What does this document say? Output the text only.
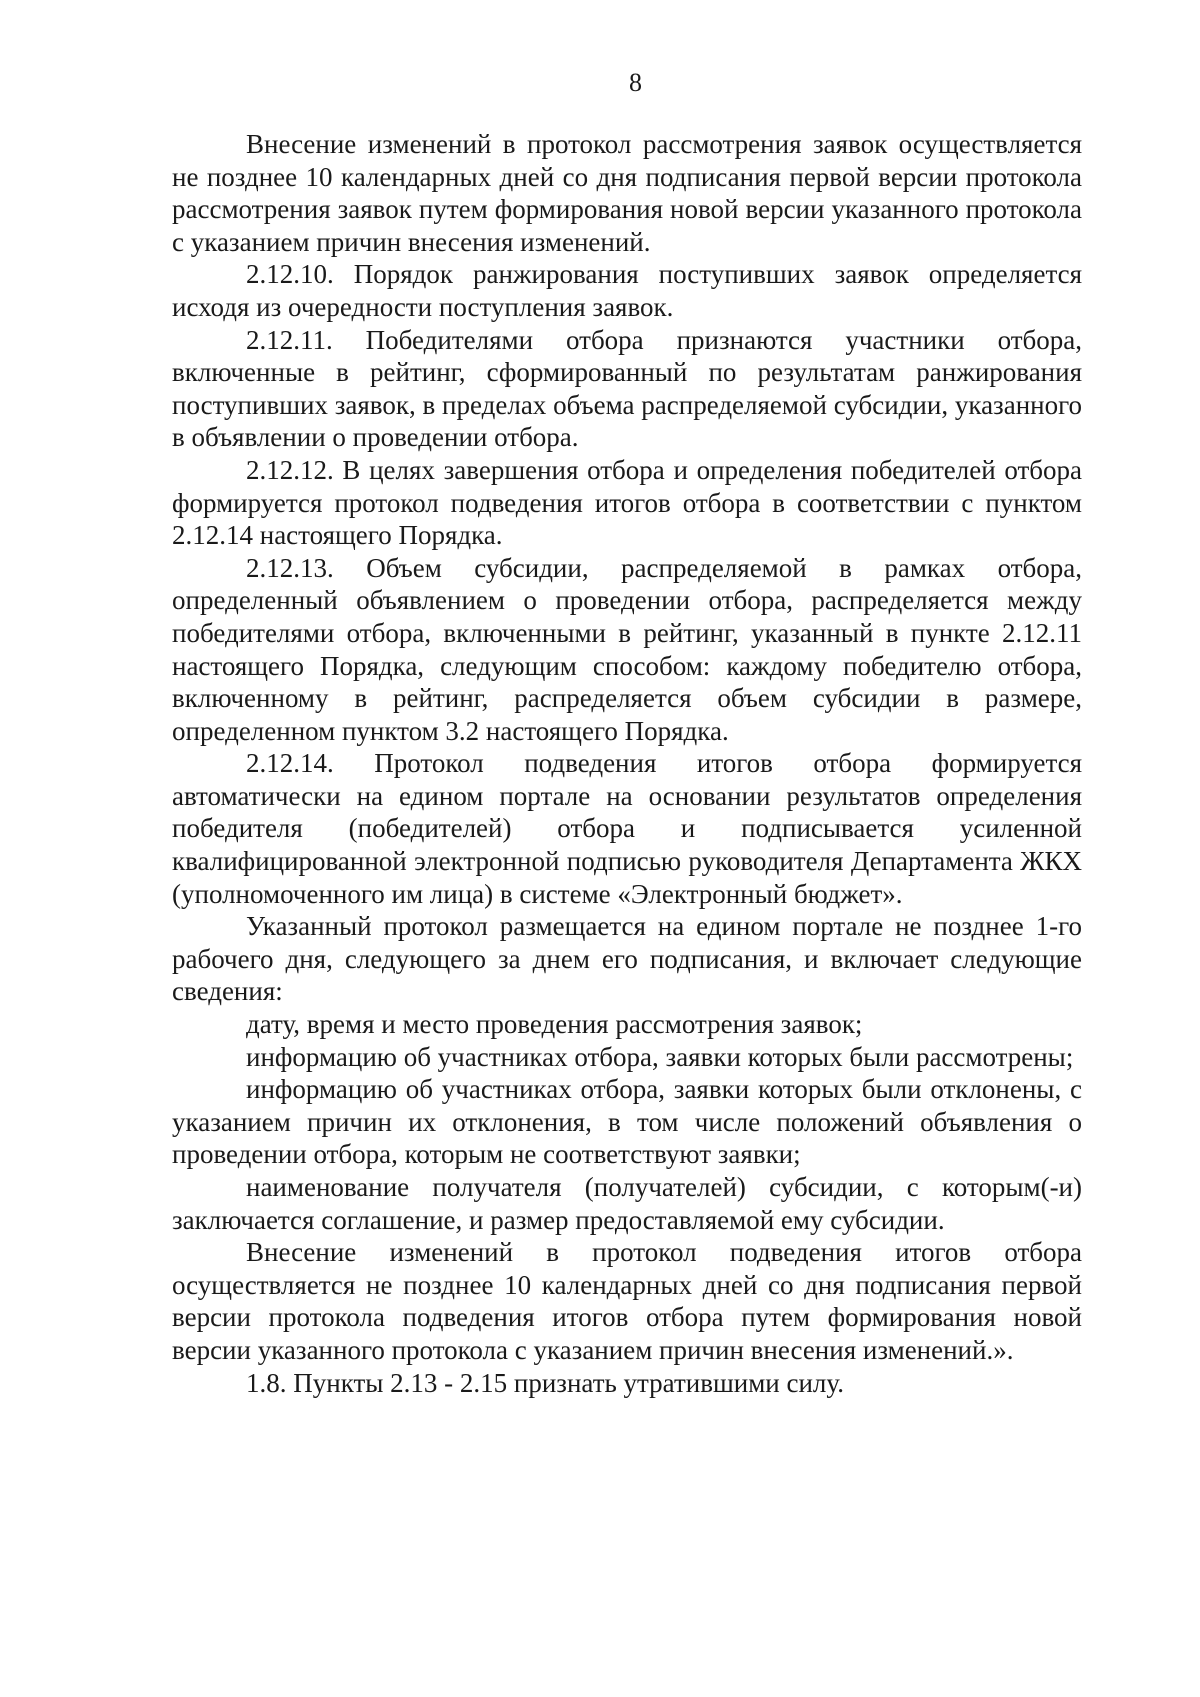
8

Внесение изменений в протокол рассмотрения заявок осуществляется не позднее 10 календарных дней со дня подписания первой версии протокола рассмотрения заявок путем формирования новой версии указанного протокола с указанием причин внесения изменений.

2.12.10. Порядок ранжирования поступивших заявок определяется исходя из очередности поступления заявок.

2.12.11. Победителями отбора признаются участники отбора, включенные в рейтинг, сформированный по результатам ранжирования поступивших заявок, в пределах объема распределяемой субсидии, указанного в объявлении о проведении отбора.

2.12.12. В целях завершения отбора и определения победителей отбора формируется протокол подведения итогов отбора в соответствии с пунктом 2.12.14 настоящего Порядка.

2.12.13. Объем субсидии, распределяемой в рамках отбора, определенный объявлением о проведении отбора, распределяется между победителями отбора, включенными в рейтинг, указанный в пункте 2.12.11 настоящего Порядка, следующим способом: каждому победителю отбора, включенному в рейтинг, распределяется объем субсидии в размере, определенном пунктом 3.2 настоящего Порядка.

2.12.14. Протокол подведения итогов отбора формируется автоматически на едином портале на основании результатов определения победителя (победителей) отбора и подписывается усиленной квалифицированной электронной подписью руководителя Департамента ЖКХ (уполномоченного им лица) в системе «Электронный бюджет».

Указанный протокол размещается на едином портале не позднее 1-го рабочего дня, следующего за днем его подписания, и включает следующие сведения:

дату, время и место проведения рассмотрения заявок;

информацию об участниках отбора, заявки которых были рассмотрены;

информацию об участниках отбора, заявки которых были отклонены, с указанием причин их отклонения, в том числе положений объявления о проведении отбора, которым не соответствуют заявки;

наименование получателя (получателей) субсидии, с которым(-и) заключается соглашение, и размер предоставляемой ему субсидии.

Внесение изменений в протокол подведения итогов отбора осуществляется не позднее 10 календарных дней со дня подписания первой версии протокола подведения итогов отбора путем формирования новой версии указанного протокола с указанием причин внесения изменений.».

1.8. Пункты 2.13 - 2.15 признать утратившими силу.
